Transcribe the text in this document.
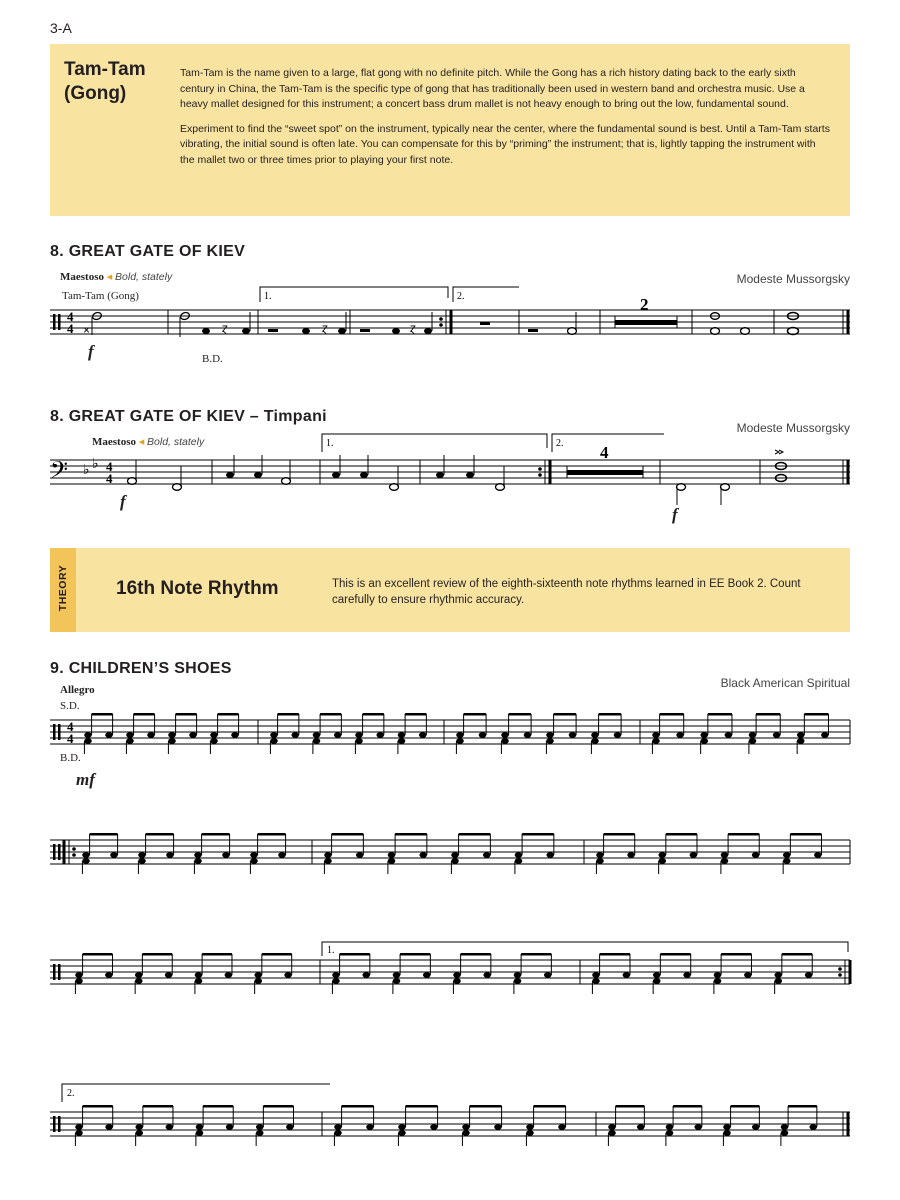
3-A
Tam-Tam
(Gong)

Tam-Tam is the name given to a large, flat gong with no definite pitch. While the Gong has a rich history dating back to the early sixth century in China, the Tam-Tam is the specific type of gong that has traditionally been used in western band and orchestra music. Use a heavy mallet designed for this instrument; a concert bass drum mallet is not heavy enough to bring out the low, fundamental sound.

Experiment to find the “sweet spot” on the instrument, typically near the center, where the fundamental sound is best. Until a Tam-Tam starts vibrating, the initial sound is often late. You can compensate for this by “priming” the instrument; that is, lightly tapping the instrument with the mallet two or three times prior to playing your first note.

8. GREAT GATE OF KIEV
Modeste Mussorgsky
Maestoso ◂ Bold, stately
Tam-Tam (Gong)
f	B.D.
4
4
1.	2.
×	ɀ	ɀ	ɀ
2
8. GREAT GATE OF KIEV – Timpani
Modeste Mussorgsky
Maestoso ◂ Bold, stately
f
f
𝄢 ♭ ♭ 4
4
1.	2. 4
THEORY 16th Note Rhythm	This is an excellent review of the eighth-sixteenth note rhythms learned in EE Book 2. Count carefully to ensure rhythmic accuracy.
9. CHILDREN’S SHOES
Black American Spiritual
Allegro
S.D.
B.D.
mf
4
4
1.
2.
